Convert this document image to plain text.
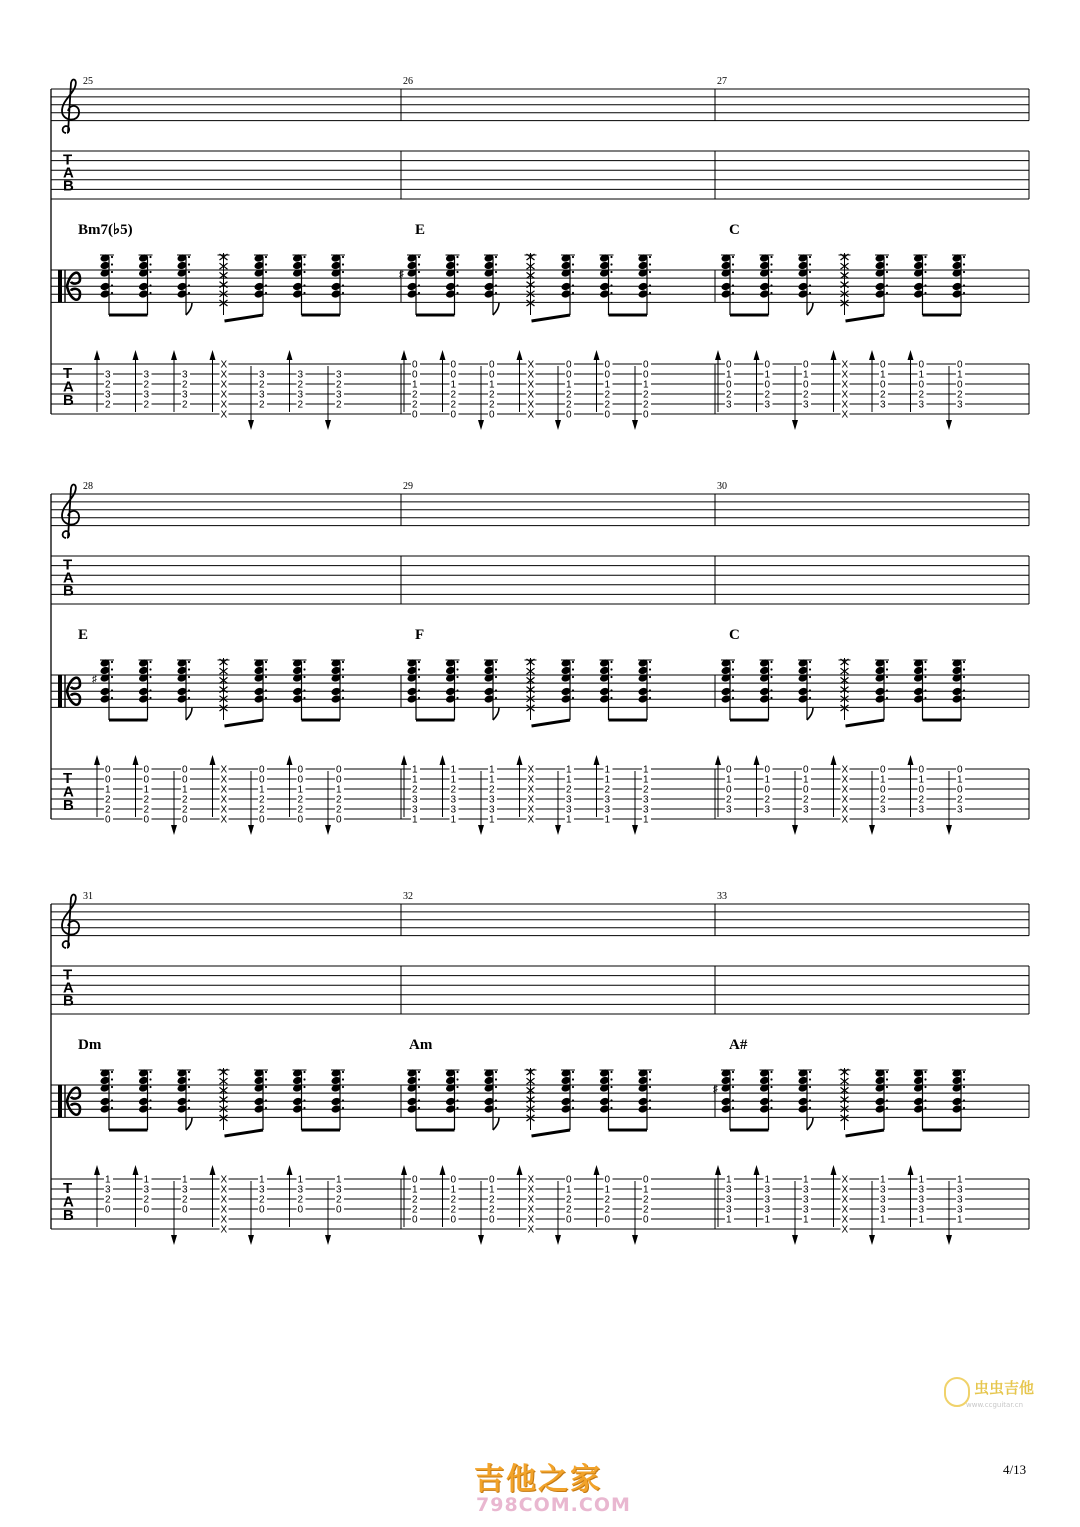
T
A
B
T
A
B
25
Bm7(♭5)
3
2
3
2
3
2
3
2
3
2
3
2
X
X
X
X
X
X
3
2
3
2
3
2
3
2
3
2
3
2
26
E
♯
0
0
1
2
2
0
0
0
1
2
2
0
0
0
1
2
2
0
X
X
X
X
X
X
0
0
1
2
2
0
0
0
1
2
2
0
0
0
1
2
2
0
27
C
0
1
0
2
3
0
1
0
2
3
0
1
0
2
3
X
X
X
X
X
X
0
1
0
2
3
0
1
0
2
3
0
1
0
2
3
T
A
B
T
A
B
28
E
♯
0
0
1
2
2
0
0
0
1
2
2
0
0
0
1
2
2
0
X
X
X
X
X
X
0
0
1
2
2
0
0
0
1
2
2
0
0
0
1
2
2
0
29
F
1
1
2
3
3
1
1
1
2
3
3
1
1
1
2
3
3
1
X
X
X
X
X
X
1
1
2
3
3
1
1
1
2
3
3
1
1
1
2
3
3
1
30
C
0
1
0
2
3
0
1
0
2
3
0
1
0
2
3
X
X
X
X
X
X
0
1
0
2
3
0
1
0
2
3
0
1
0
2
3
T
A
B
T
A
B
31
Dm
1
3
2
0
1
3
2
0
1
3
2
0
X
X
X
X
X
X
1
3
2
0
1
3
2
0
1
3
2
0
32
Am
0
1
2
2
0
0
1
2
2
0
0
1
2
2
0
X
X
X
X
X
X
0
1
2
2
0
0
1
2
2
0
0
1
2
2
0
33
A#
♯
1
3
3
3
1
1
3
3
3
1
1
3
3
3
1
X
X
X
X
X
X
1
3
3
3
1
1
3
3
3
1
1
3
3
3
1
4/13
吉他之家
798COM.COM
虫虫吉他
www.ccguitar.cn
